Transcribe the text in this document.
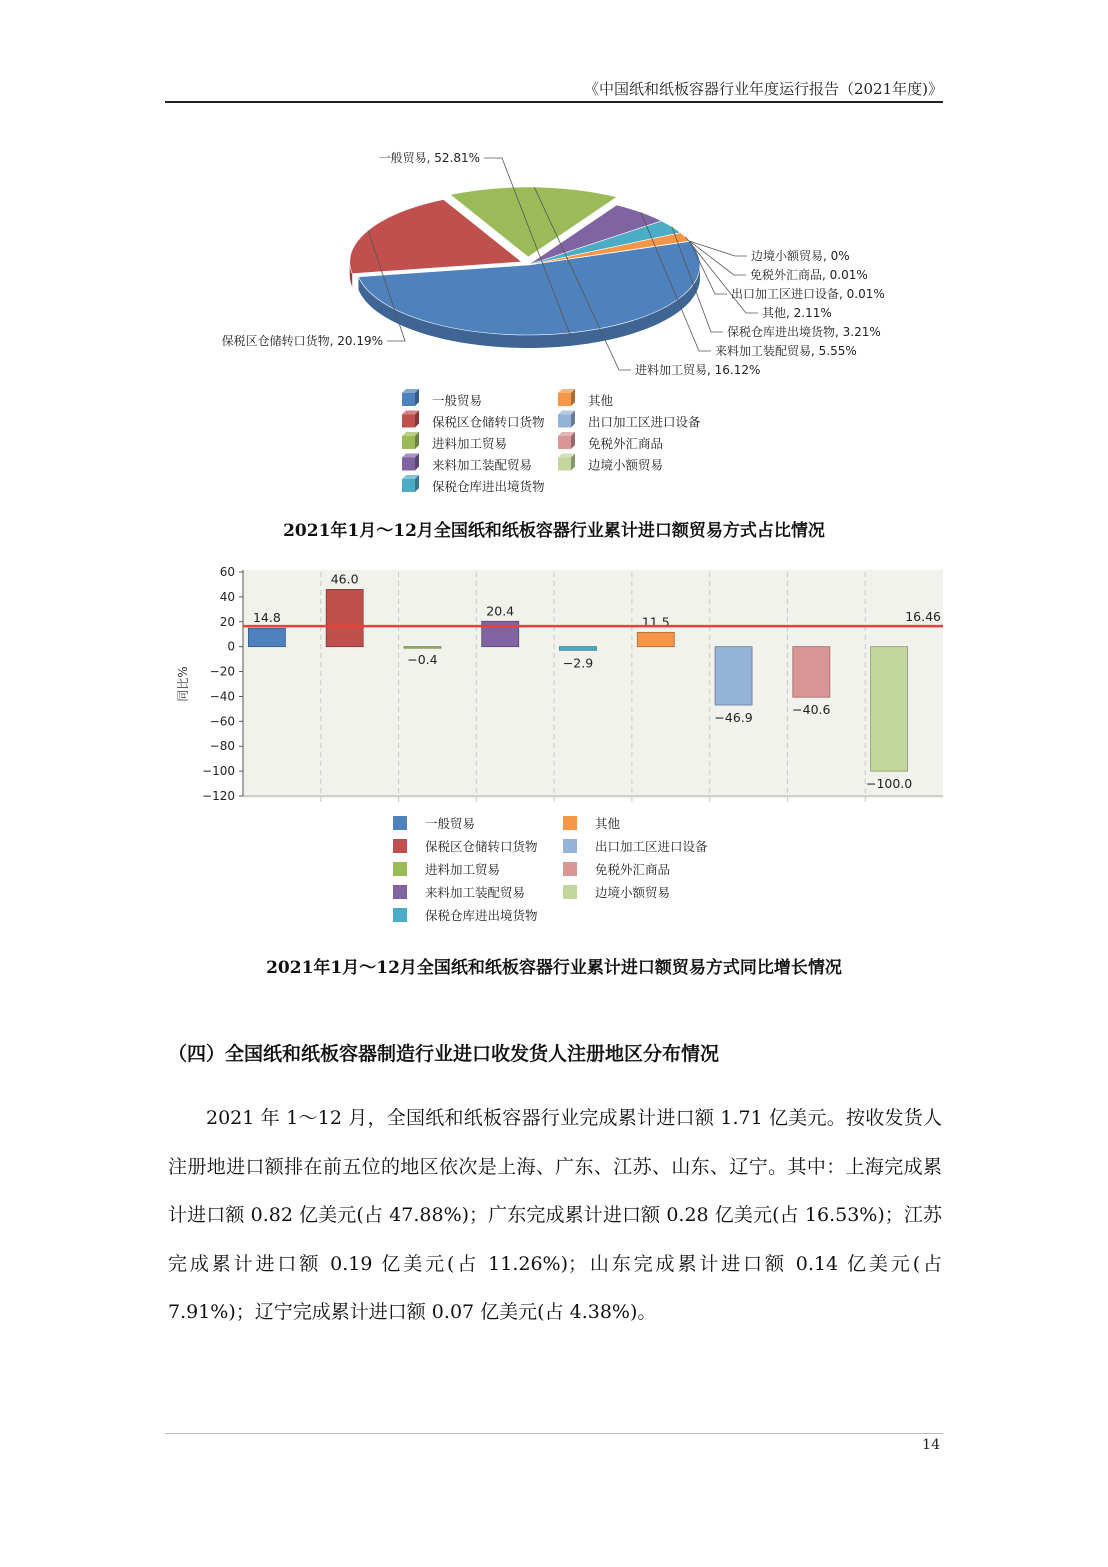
《中国纸和纸板容器行业年度运行报告（2021年度)》
一般贸易, 52.81%
保税区仓储转口货物, 20.19%
进料加工贸易, 16.12%
来料加工装配贸易, 5.55%
保税仓库进出境货物, 3.21%
其他, 2.11%
出口加工区进口设备, 0.01%
免税外汇商品, 0.01%
边境小额贸易, 0%
一般贸易	其他
保税区仓储转口货物	出口加工区进口设备
进料加工贸易	免税外汇商品
来料加工装配贸易	边境小额贸易
保税仓库进出境货物
2021年1月～12月全国纸和纸板容器行业累计进口额贸易方式占比情况
60
40
20
0
−20
−40
−60
−80
−100
−120
14.8
46.0
−0.4
20.4
−2.9
11.5
−46.9
−40.6
−100.0
16.46
同比%
一般贸易	其他
保税区仓储转口货物	出口加工区进口设备
进料加工贸易	免税外汇商品
来料加工装配贸易	边境小额贸易
保税仓库进出境货物
2021年1月～12月全国纸和纸板容器行业累计进口额贸易方式同比增长情况
（四）全国纸和纸板容器制造行业进口收发货人注册地区分布情况
2021 年 1～12 月，全国纸和纸板容器行业完成累计进口额 1.71 亿美元。按收发货人注册地进口额排在前五位的地区依次是上海、广东、江苏、山东、辽宁。其中：上海完成累计进口额 0.82 亿美元(占 47.88%)；广东完成累计进口额 0.28 亿美元(占 16.53%)；江苏完成累计进口额 0.19 亿美元(占 11.26%)；山东完成累计进口额 0.14 亿美元(占 7.91%)；辽宁完成累计进口额 0.07 亿美元(占 4.38%)。
14
